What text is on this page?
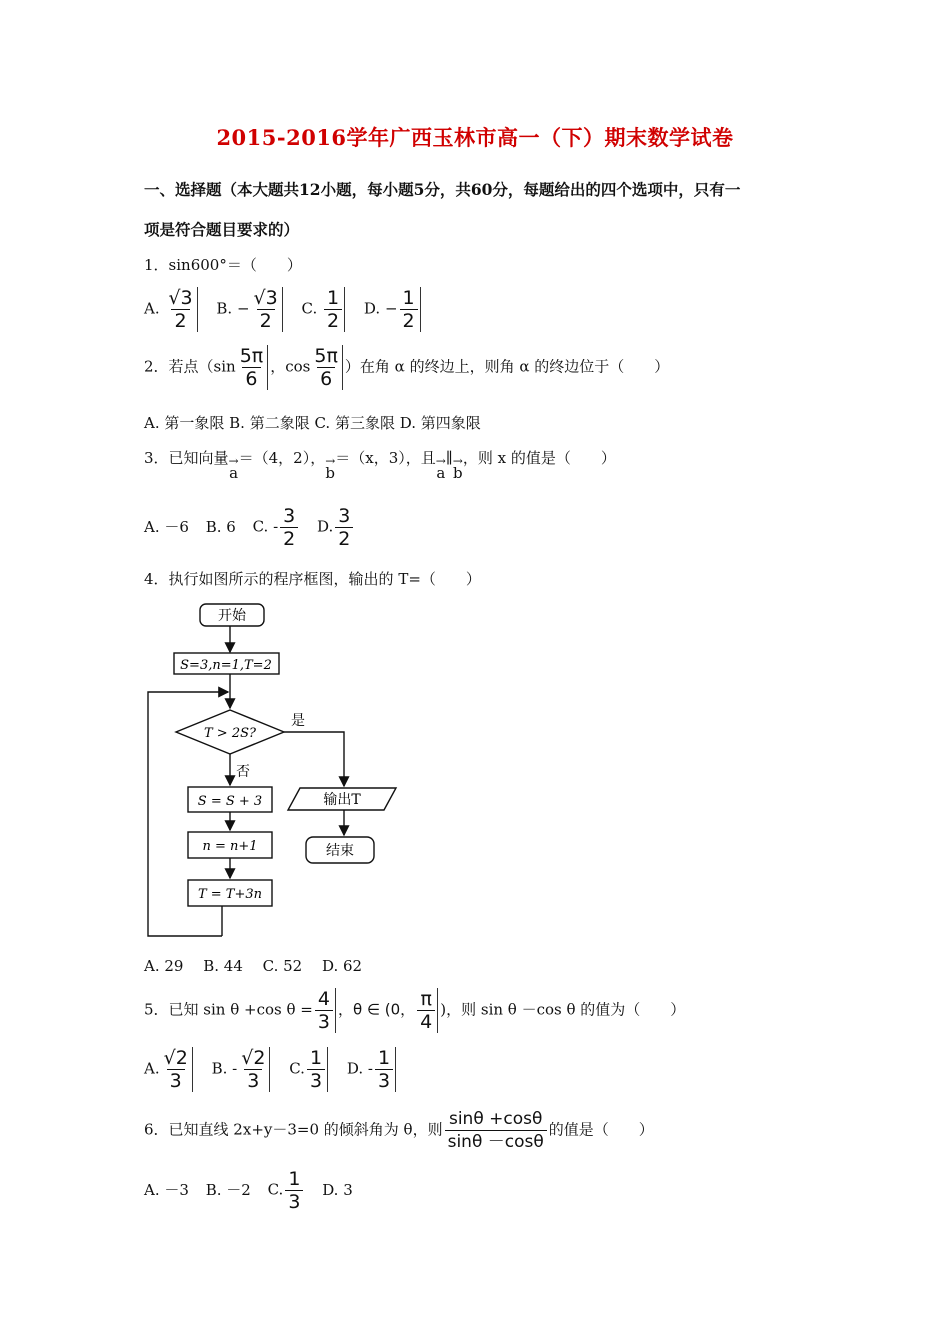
2015-2016学年广西玉林市高一（下）期末数学试卷
一、选择题（本大题共12小题，每小题5分，共60分，每题给出的四个选项中，只有一
项是符合题目要求的）
1．sin600°＝（　　）
A. $\frac{√3}{2} B$. − $\frac{√3}{2} C$. $\frac{1}{2} D$. − $\frac{1}{2}$
2．若点（$\sin \frac{5\pi}{6}$ ，$\cos \frac{5\pi}{6}$ ）在角 α 的终边上，则角 α 的终边位于（　　）
A. 第一象限 B. 第二象限 C. 第三象限 D. 第四象限
3．已知向量 →
a
＝（4，2）， →
b
＝（x，3），且 →
a
∥ →
b
，则 x 的值是（　　）
A. －6 B. 6 C. - $\frac{3}{2} D$. $\frac{3}{2}$
4．执行如图所示的程序框图，输出的 T=（　　）
开始
S=3,n=1,T=2
T > 2S?
是
否
S = S + 3
n = n+1
T = T+3n
输出T
结束
A. 29　 B. 44　 C. 52　 D. 62
5．已知 sin θ +cos $\theta = \frac{4}{3}$ ，θ ∈ (0， $\frac{\pi}{4}$ )，则 sin θ －cos θ 的值为（　　）
A. $\frac{√2}{3} B$. - $\frac{√2}{3} C$. $\frac{1}{3} D$. - $\frac{1}{3}$
6．已知直线 2x+y－3=0 的倾斜角为 θ，则 $\frac{\sin\theta +\cos\theta}{\sin\theta -\cos\theta}$ 的值是（　　）
A. －3 B. －2 C. $\frac{1}{3} D$. 3
